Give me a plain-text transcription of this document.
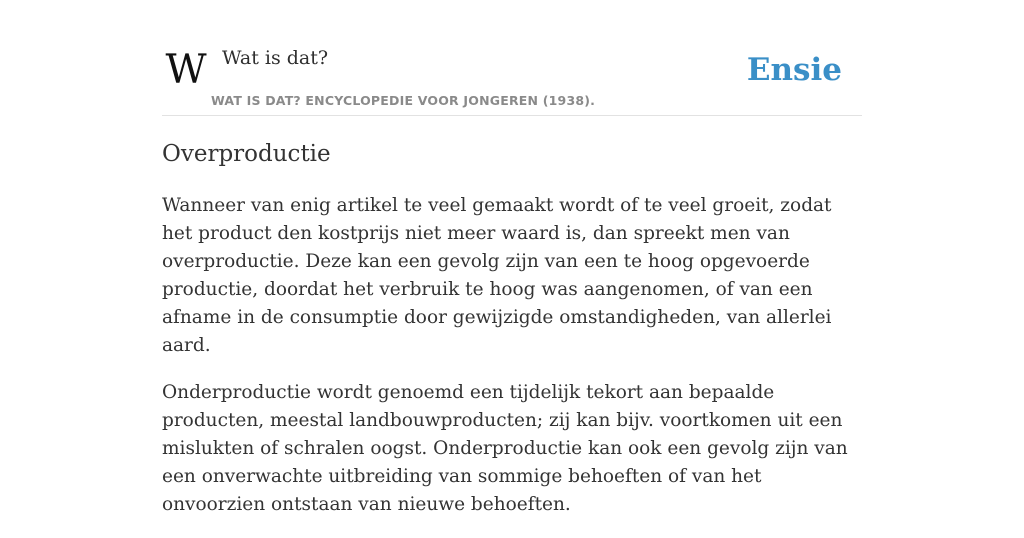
W Wat is dat?
WAT IS DAT? ENCYCLOPEDIE VOOR JONGEREN (1938).
Ensie
Overproductie

Wanneer van enig artikel te veel gemaakt wordt of te veel groeit, zodat het product den kostprijs niet meer waard is, dan spreekt men van overproductie. Deze kan een gevolg zijn van een te hoog opgevoerde productie, doordat het verbruik te hoog was aangenomen, of van een afname in de consumptie door gewijzigde omstandigheden, van allerlei aard.

Onderproductie wordt genoemd een tijdelijk tekort aan bepaalde producten, meestal landbouwproducten; zij kan bijv. voortkomen uit een mislukten of schralen oogst. Onderproductie kan ook een gevolg zijn van een onverwachte uitbreiding van sommige behoeften of van het onvoorzien ontstaan van nieuwe behoeften.
